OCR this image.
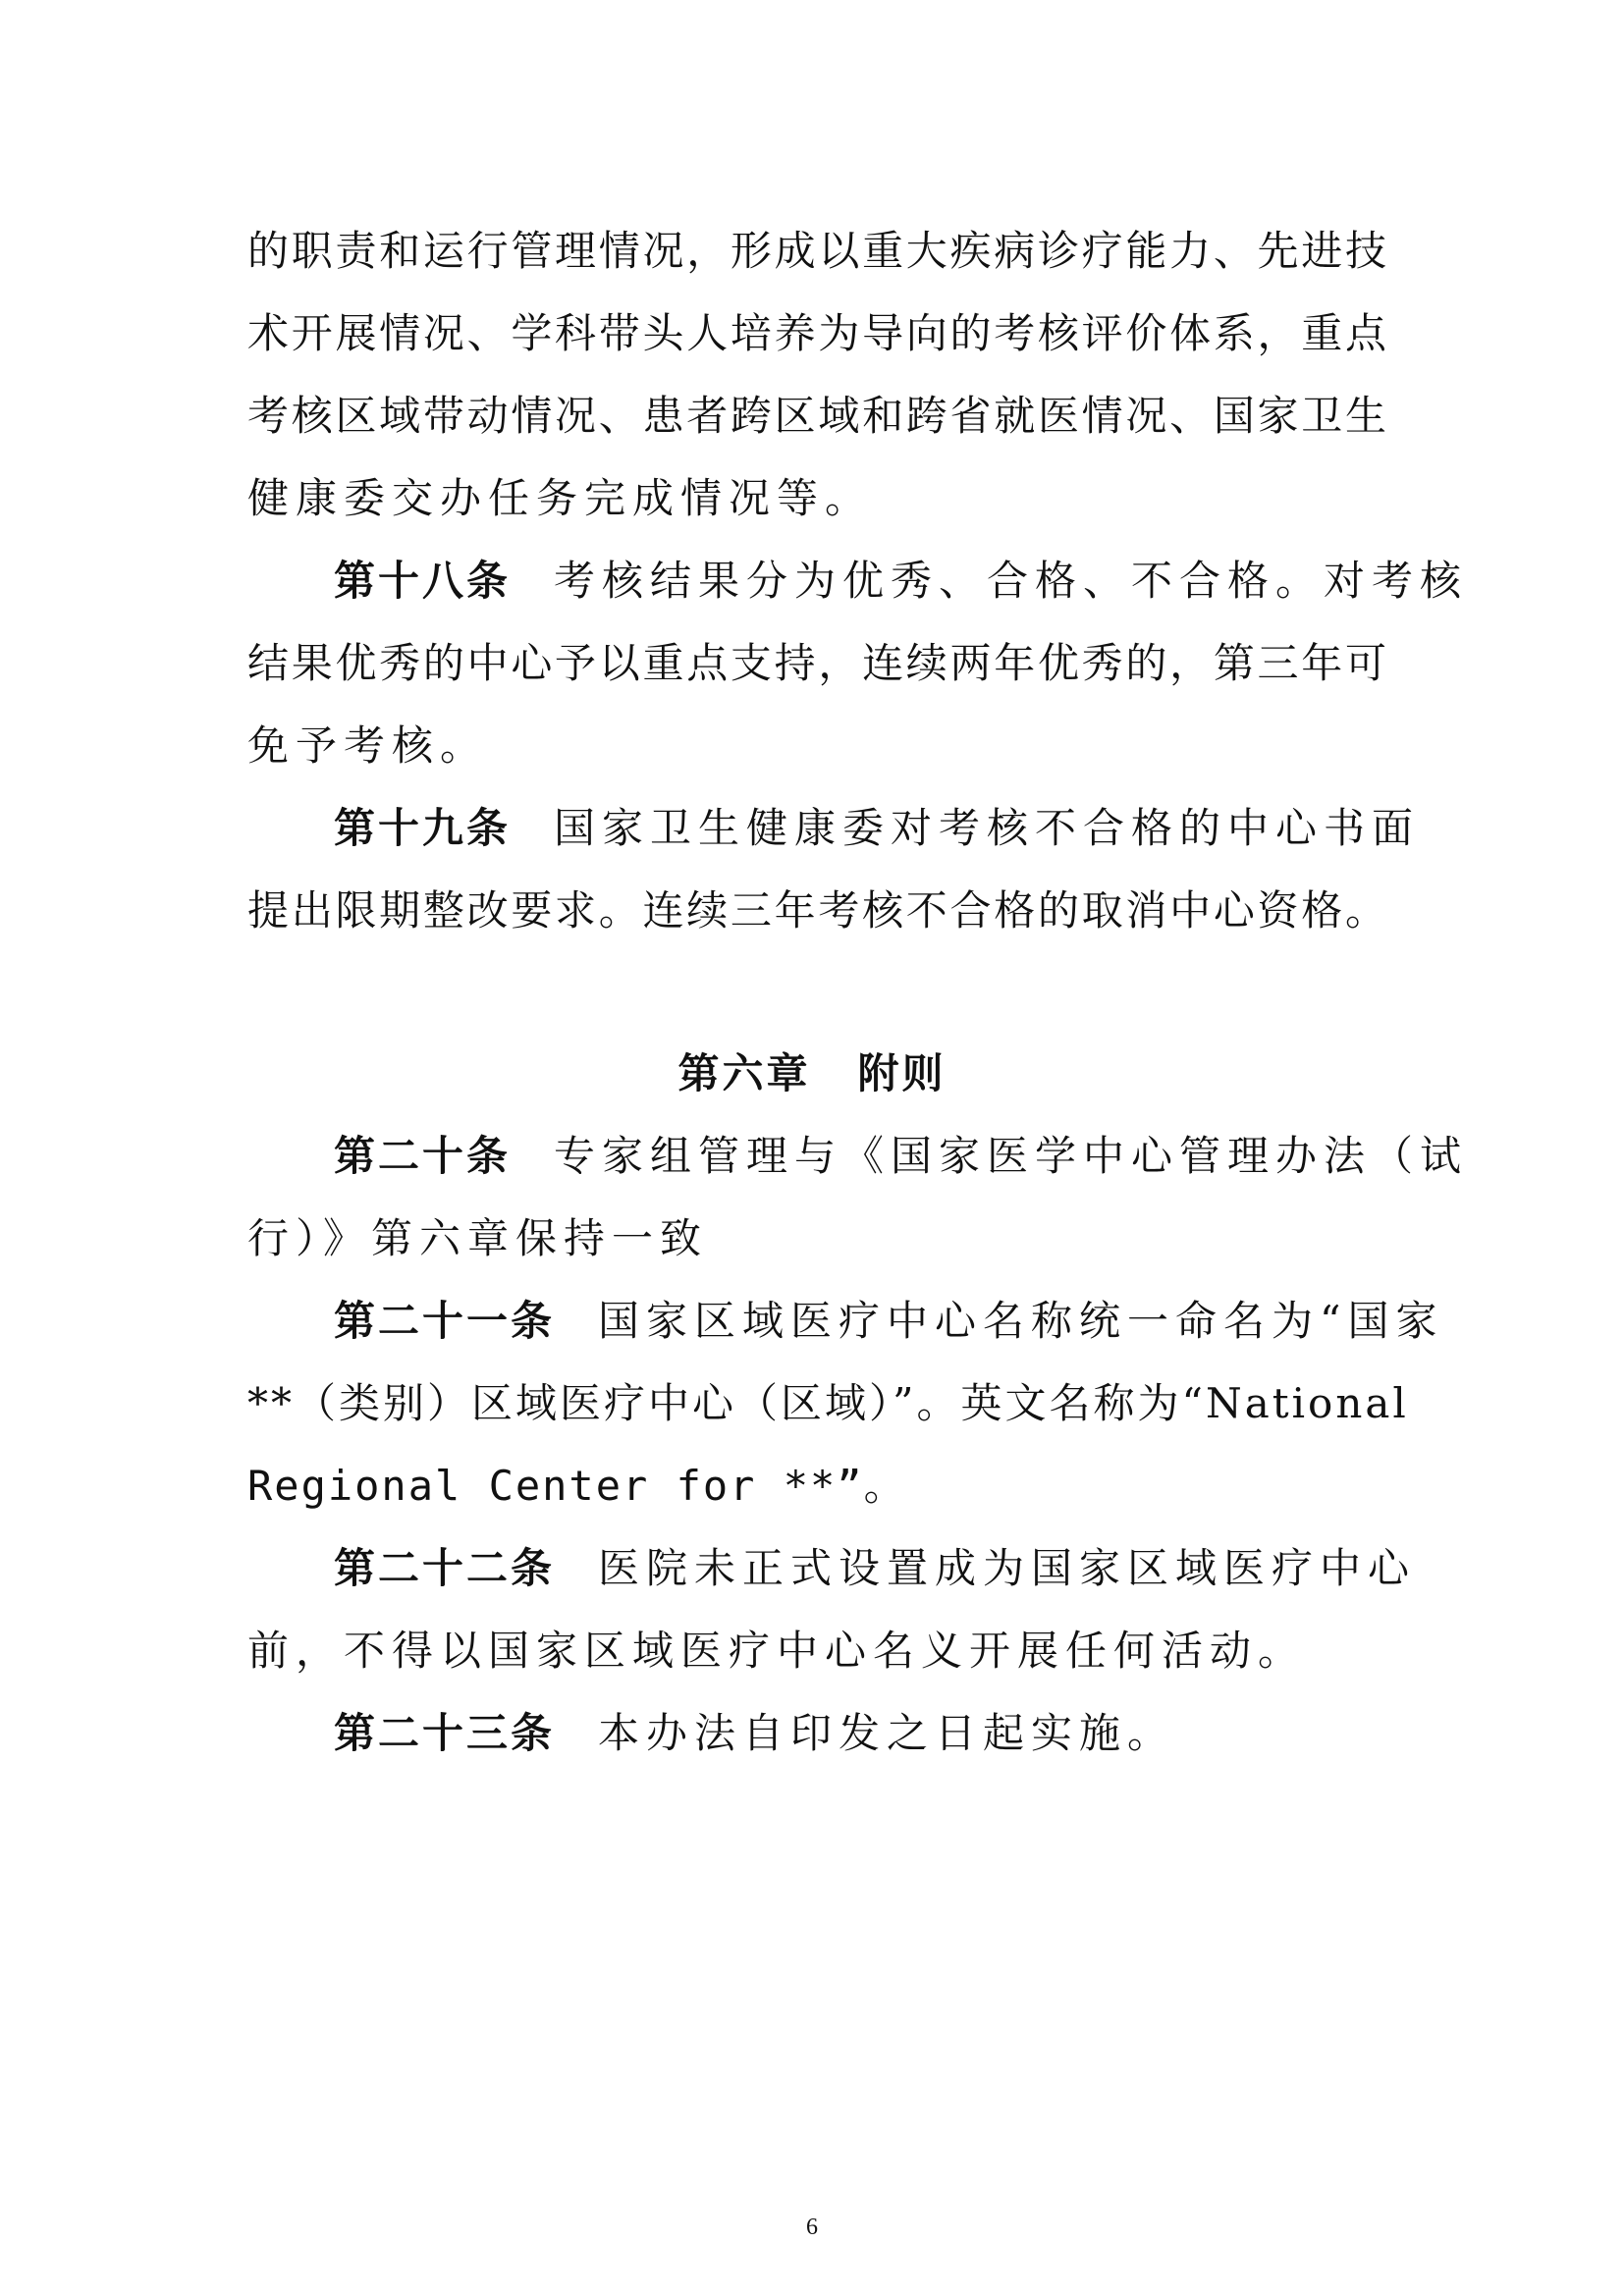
的职责和运行管理情况，形成以重大疾病诊疗能力、先进技
术开展情况、学科带头人培养为导向的考核评价体系，重点
考核区域带动情况、患者跨区域和跨省就医情况、国家卫生
健康委交办任务完成情况等。
第十八条 考核结果分为优秀、合格、不合格。对考核
结果优秀的中心予以重点支持，连续两年优秀的，第三年可
免予考核。
第十九条 国家卫生健康委对考核不合格的中心书面
提出限期整改要求。连续三年考核不合格的取消中心资格。
第六章 附则
第二十条 专家组管理与《国家医学中心管理办法（试
行）》第六章保持一致
第二十一条 国家区域医疗中心名称统一命名为“国家
**（类别）区域医疗中心（区域）”。英文名称为“National
Regional Center for **”。
第二十二条 医院未正式设置成为国家区域医疗中心
前，不得以国家区域医疗中心名义开展任何活动。
第二十三条 本办法自印发之日起实施。
6
